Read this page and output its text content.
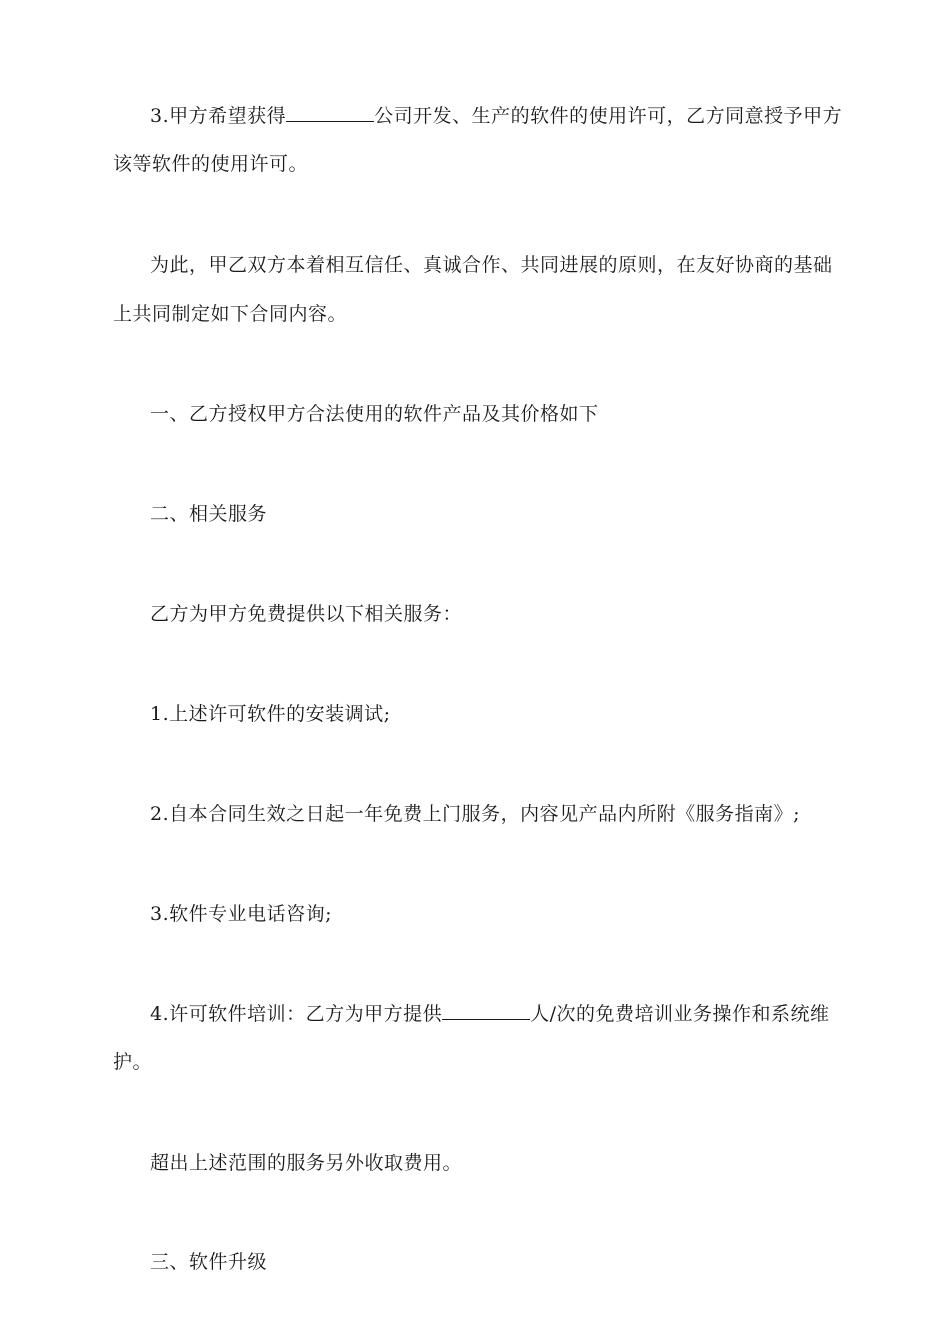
3.甲方希望获得	公司开发、生产的软件的使用许可，乙方同意授予甲方
该等软件的使用许可。
为此，甲乙双方本着相互信任、真诚合作、共同进展的原则，在友好协商的基础
上共同制定如下合同内容。
一、乙方授权甲方合法使用的软件产品及其价格如下
二、相关服务
乙方为甲方免费提供以下相关服务：
1.上述许可软件的安装调试;
2.自本合同生效之日起一年免费上门服务，内容见产品内所附《服务指南》;
3.软件专业电话咨询;
4.许可软件培训：乙方为甲方提供	人/次的免费培训业务操作和系统维
护。
超出上述范围的服务另外收取费用。
三、软件升级
